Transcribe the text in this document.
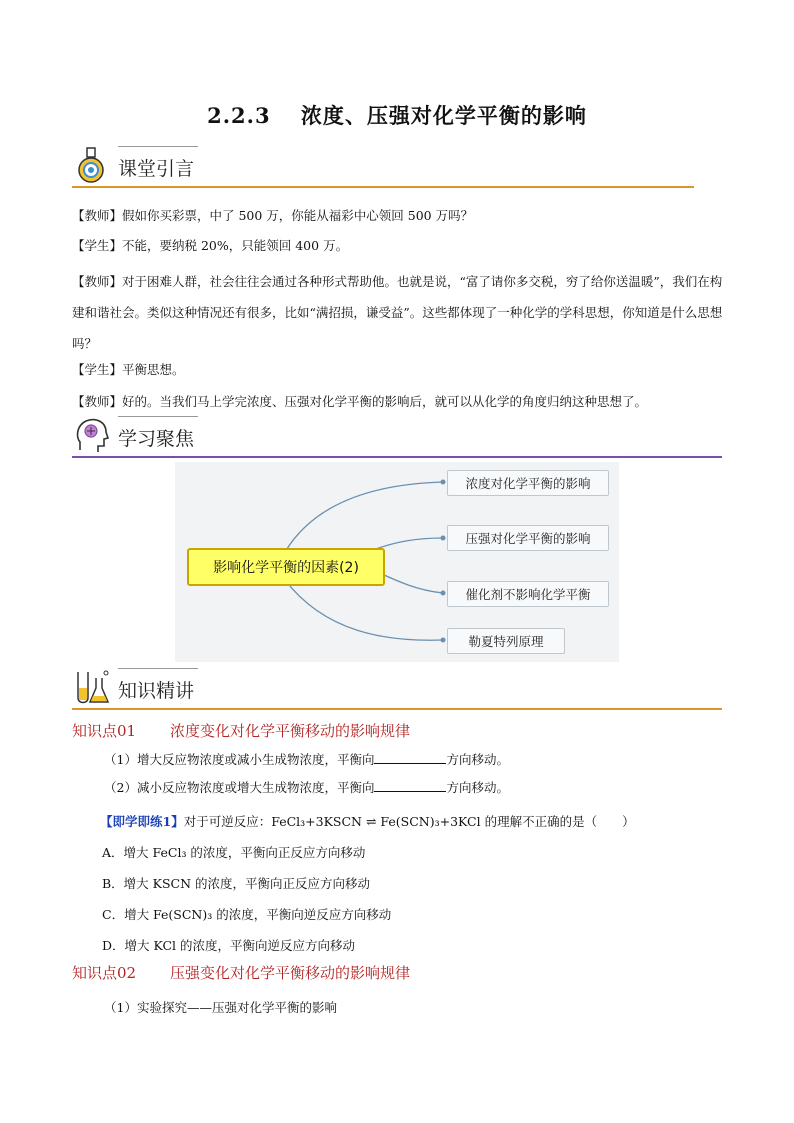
2.2.3　 浓度、压强对化学平衡的影响
课堂引言
【教师】假如你买彩票，中了 500 万，你能从福彩中心领回 500 万吗？
【学生】不能，要纳税 20%，只能领回 400 万。
【教师】对于困难人群，社会往往会通过各种形式帮助他。也就是说，“富了请你多交税，穷了给你送温暖”，我们在构建和谐社会。类似这种情况还有很多，比如“满招损，谦受益”。这些都体现了一种化学的学科思想，你知道是什么思想吗？
【学生】平衡思想。
【教师】好的。当我们马上学完浓度、压强对化学平衡的影响后，就可以从化学的角度归纳这种思想了。
学习聚焦
影响化学平衡的因素(2)
浓度对化学平衡的影响
压强对化学平衡的影响
催化剂不影响化学平衡
勒夏特列原理
知识精讲
知识点01 浓度变化对化学平衡移动的影响规律
（1）增大反应物浓度或减小生成物浓度，平衡向	方向移动。
（2）减小反应物浓度或增大生成物浓度，平衡向	方向移动。
【即学即练1】对于可逆反应：FeCl₃+3KSCN ⇌ Fe(SCN)₃+3KCl 的理解不正确的是（　　）
A．增大 FeCl₃ 的浓度，平衡向正反应方向移动
B．增大 KSCN 的浓度，平衡向正反应方向移动
C．增大 Fe(SCN)₃ 的浓度，平衡向逆反应方向移动
D．增大 KCl 的浓度，平衡向逆反应方向移动
知识点02 压强变化对化学平衡移动的影响规律
（1）实验探究——压强对化学平衡的影响
